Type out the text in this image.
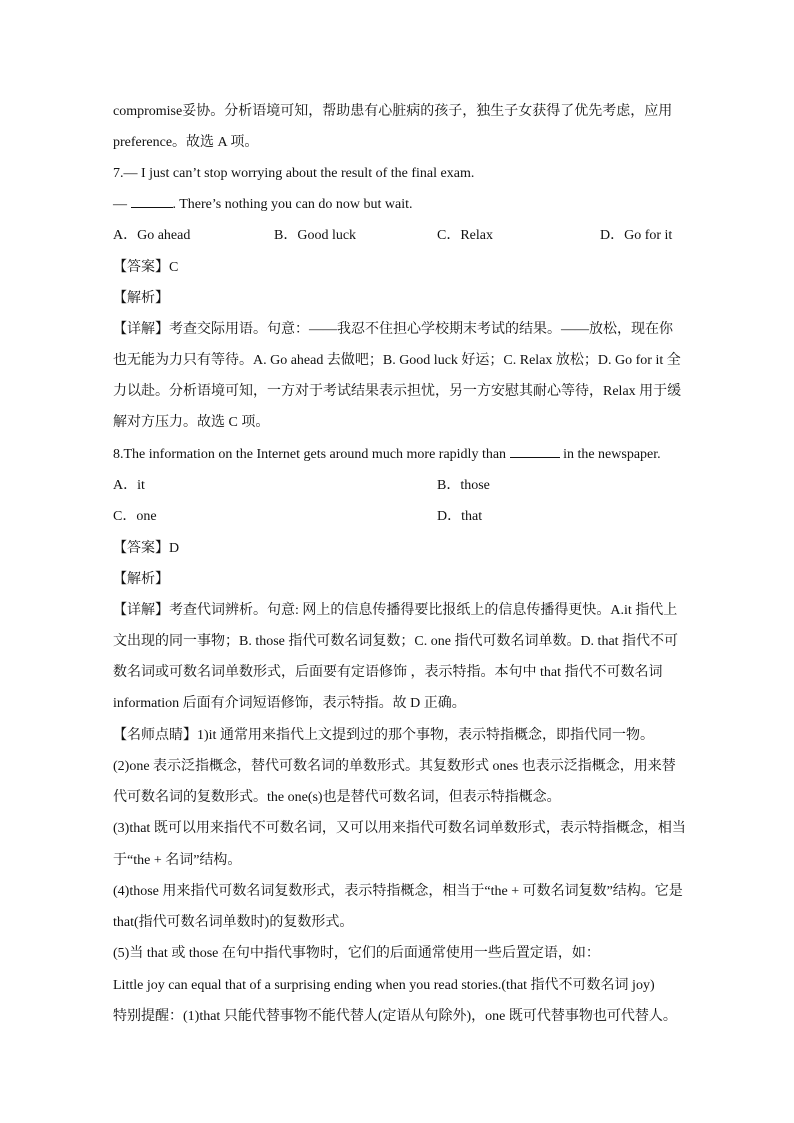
compromise妥协。分析语境可知，帮助患有心脏病的孩子，独生子女获得了优先考虑，应用
preference。故选 A 项。
7.— I just can’t stop worrying about the result of the final exam.
—	. There’s nothing you can do now but wait.
A．Go ahead	B．Good luck	C．Relax	D．Go for it
【答案】C
【解析】
【详解】考查交际用语。句意：——我忍不住担心学校期末考试的结果。——放松，现在你
也无能为力只有等待。A. Go ahead 去做吧；B. Good luck 好运；C. Relax 放松；D. Go for it 全
力以赴。分析语境可知，一方对于考试结果表示担忧，另一方安慰其耐心等待，Relax 用于缓
解对方压力。故选 C 项。
8.The information on the Internet gets around much more rapidly than	in the newspaper.
A．it	B．those
C．one	D．that
【答案】D
【解析】
【详解】考查代词辨析。句意: 网上的信息传播得要比报纸上的信息传播得更快。A.it 指代上
文出现的同一事物；B. those 指代可数名词复数；C. one 指代可数名词单数。D. that 指代不可
数名词或可数名词单数形式，后面要有定语修饰 ，表示特指。本句中 that 指代不可数名词
information 后面有介词短语修饰，表示特指。故 D 正确。
【名师点睛】1)it 通常用来指代上文提到过的那个事物，表示特指概念，即指代同一物。
(2)one 表示泛指概念，替代可数名词的单数形式。其复数形式 ones 也表示泛指概念，用来替
代可数名词的复数形式。the one(s)也是替代可数名词，但表示特指概念。
(3)that 既可以用来指代不可数名词，又可以用来指代可数名词单数形式，表示特指概念，相当
于“the + 名词”结构。
(4)those 用来指代可数名词复数形式，表示特指概念，相当于“the + 可数名词复数”结构。它是
that(指代可数名词单数时)的复数形式。
(5)当 that 或 those 在句中指代事物时，它们的后面通常使用一些后置定语，如：
Little joy can equal that of a surprising ending when you read stories.(that 指代不可数名词 joy)
特别提醒：(1)that 只能代替事物不能代替人(定语从句除外)，one 既可代替事物也可代替人。
